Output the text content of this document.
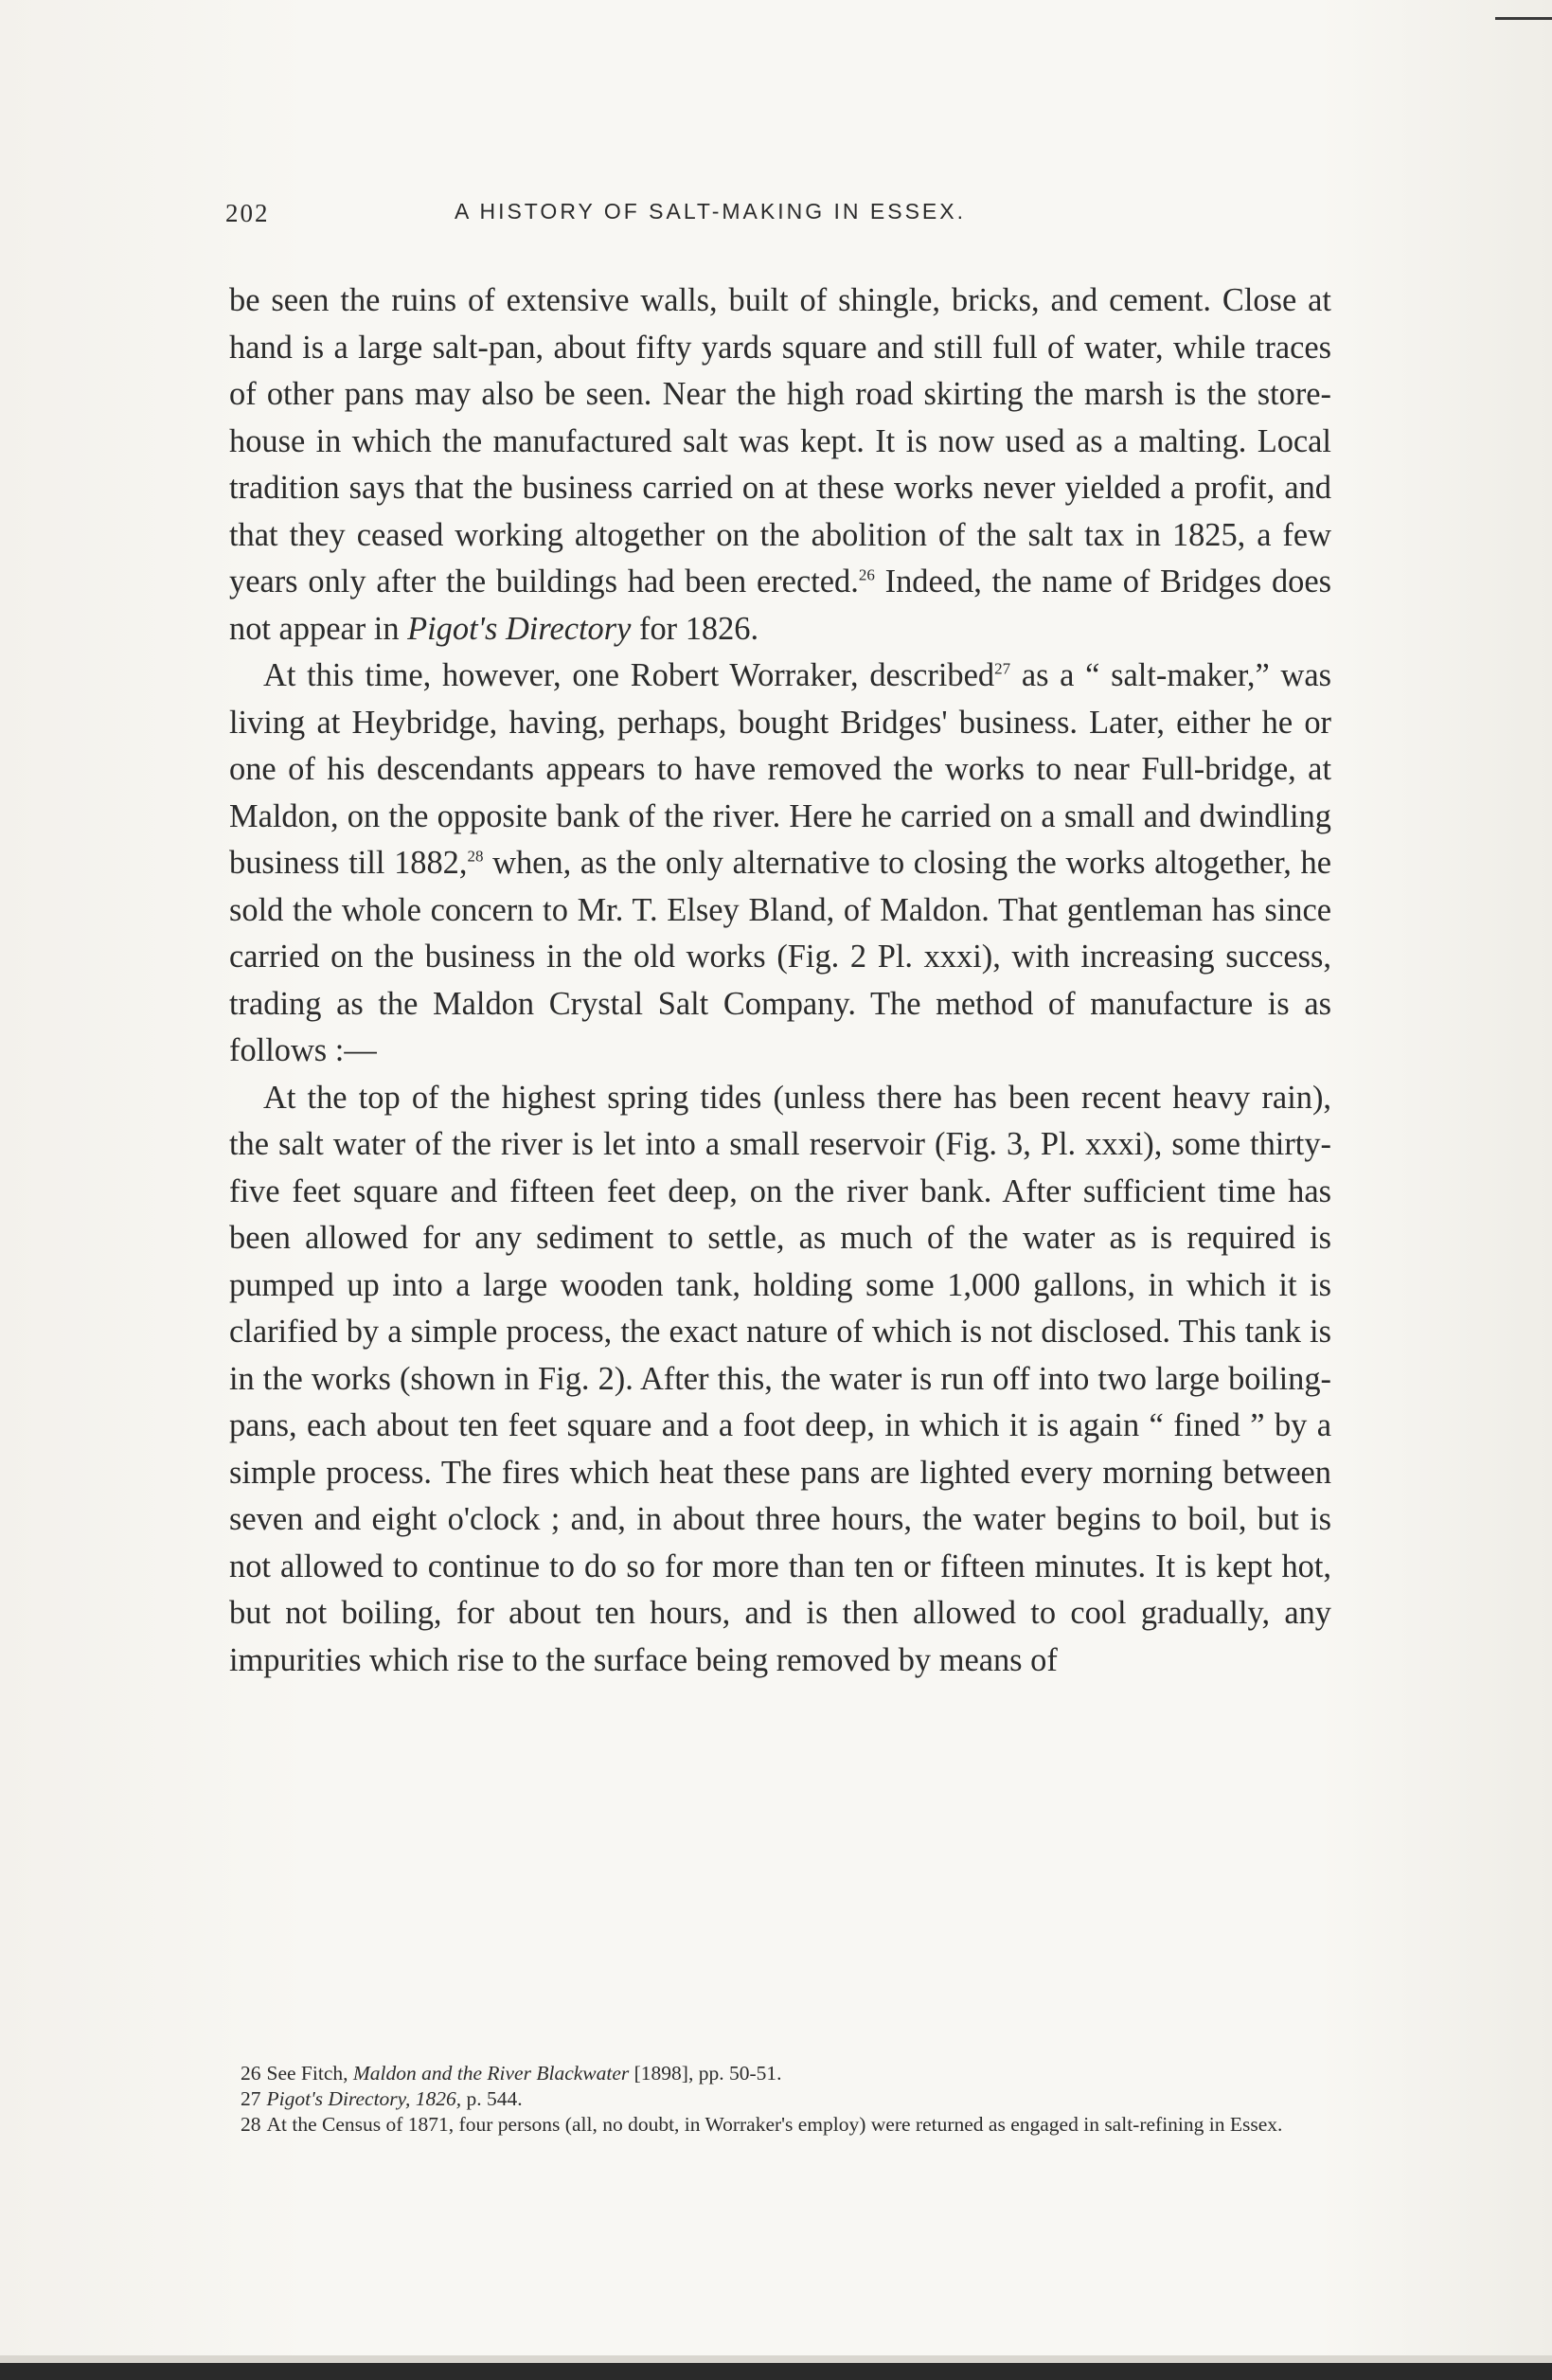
202	A HISTORY OF SALT-MAKING IN ESSEX.

be seen the ruins of extensive walls, built of shingle, bricks, and cement. Close at hand is a large salt-pan, about fifty yards square and still full of water, while traces of other pans may also be seen. Near the high road skirting the marsh is the store-house in which the manufactured salt was kept. It is now used as a malting. Local tradition says that the business carried on at these works never yielded a profit, and that they ceased working altogether on the abolition of the salt tax in 1825, a few years only after the buildings had been erected.$^{26}$ Indeed, the name of Bridges does not appear in Pigot's Directory for 1826.

At this time, however, one Robert Worraker, described$^{27}$ as a “ salt-maker,” was living at Heybridge, having, perhaps, bought Bridges' business. Later, either he or one of his descendants appears to have removed the works to near Full-bridge, at Maldon, on the opposite bank of the river. Here he carried on a small and dwindling business till 1882,28 when, as the only alternative to closing the works altogether, he sold the whole concern to Mr. T. Elsey Bland, of Maldon. That gentleman has since carried on the business in the old works (Fig. 2 Pl. xxxi), with increasing success, trading as the Maldon Crystal Salt Company. The method of manufacture is as follows :—

At the top of the highest spring tides (unless there has been recent heavy rain), the salt water of the river is let into a small reservoir (Fig. 3, Pl. xxxi), some thirty-five feet square and fifteen feet deep, on the river bank. After sufficient time has been allowed for any sediment to settle, as much of the water as is required is pumped up into a large wooden tank, holding some 1,000 gallons, in which it is clarified by a simple process, the exact nature of which is not disclosed. This tank is in the works (shown in Fig. 2). After this, the water is run off into two large boiling-pans, each about ten feet square and a foot deep, in which it is again “ fined ” by a simple process. The fires which heat these pans are lighted every morning between seven and eight o'clock ; and, in about three hours, the water begins to boil, but is not allowed to continue to do so for more than ten or fifteen minutes. It is kept hot, but not boiling, for about ten hours, and is then allowed to cool gradually, any impurities which rise to the surface being removed by means of

26 See Fitch, Maldon and the River Blackwater [1898], pp. 50-51.

27 Pigot's Directory, 1826, p. 544.

28 At the Census of 1871, four persons (all, no doubt, in Worraker's employ) were returned as engaged in salt-refining in Essex.
